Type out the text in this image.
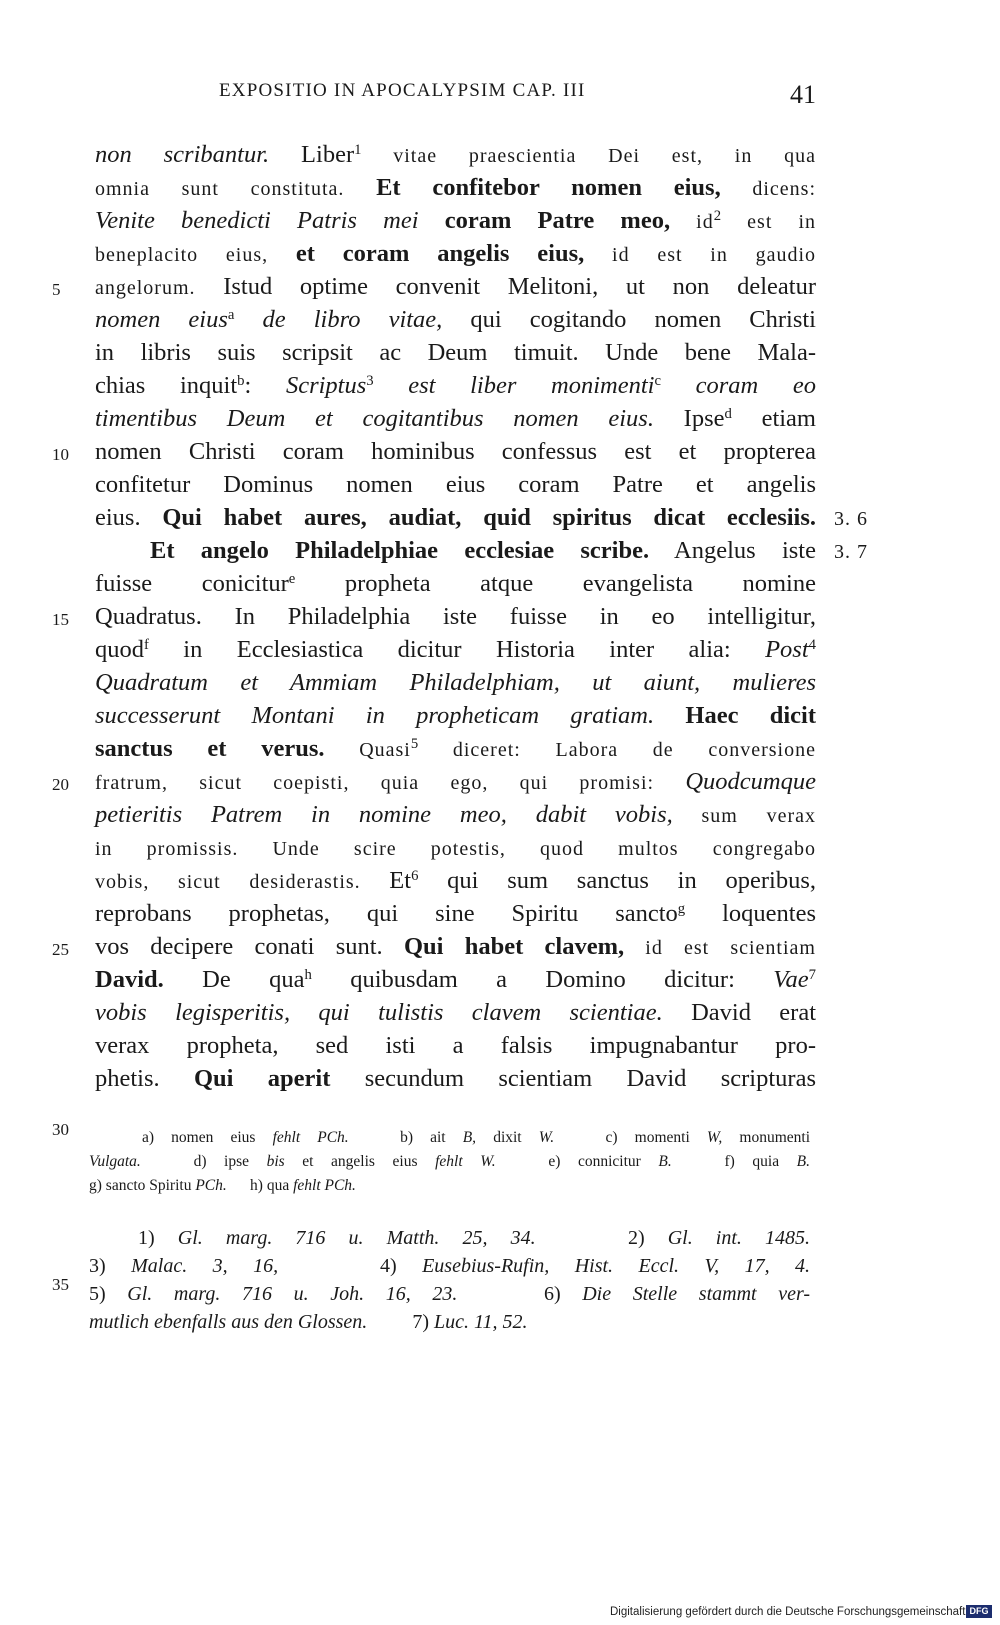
EXPOSITIO IN APOCALYPSIM CAP. III	41
non scribantur. Liber$^1$ vitae praescientia Dei est, in qua
omnia sunt constituta. Et confitebor nomen eius, dicens:
Venite benedicti Patris mei coram Patre meo, $id^2$ est in
beneplacito eius, et coram angelis eius, id est in gaudio
angelorum. Istud optime convenit Melitoni, ut non deleatur
nomen eius$^a$ de libro vitae, qui cogitando nomen Christi
in libris suis scripsit ac Deum timuit. Unde bene Mala-
chias inquit$^b$: Scriptus$^3$ est liber monimenti$^c$ coram eo
timentibus Deum et cogitantibus nomen eius. Ipse$^d$ etiam
nomen Christi coram hominibus confessus est et propterea
confitetur Dominus nomen eius coram Patre et angelis
eius. Qui habet aures, audiat, quid spiritus dicat ecclesiis.
Et angelo Philadelphiae ecclesiae scribe. Angelus iste
fuisse conicitur$^e$ propheta atque evangelista nomine
Quadratus. In Philadelphia iste fuisse in eo intelligitur,
quod$^f$ in Ecclesiastica dicitur Historia inter alia: Post$^4$
Quadratum et Ammiam Philadelphiam, ut aiunt, mulieres
successerunt Montani in propheticam gratiam. Haec dicit
sanctus et verus. Quasi$^5$ diceret: Labora de conversione
fratrum, sicut coepisti, quia ego, qui promisi: Quodcumque
petieritis Patrem in nomine meo, dabit vobis, sum verax
in promissis. Unde scire potestis, quod multos congregabo
vobis, sicut desiderastis. Et$^6$ qui sum sanctus in operibus,
reprobans prophetas, qui sine Spiritu sancto$^g$ loquentes
vos decipere conati sunt. Qui habet clavem, id est scientiam
David. De qua$^h$ quibusdam a Domino dicitur: Vae$^7$
vobis legisperitis, qui tulistis clavem scientiae. David erat
verax propheta, sed isti a falsis impugnabantur pro-
phetis. Qui aperit secundum scientiam David scripturas
5
10
15
20
25
30
35
3. 6
3. 7
a) nomen eius fehlt PCh.	b) ait B, dixit W.	c) momenti W, monumenti
Vulgata.	d) ipse bis et angelis eius fehlt W.	e) connicitur B.	f) quia B.
g) sancto Spiritu PCh. h) qua fehlt PCh.
1) Gl. marg. 716 u. Matth. 25, 34.	2) Gl. int. 1485.
3) Malac. 3, 16,	4) Eusebius-Rufin, Hist. Eccl. V, 17, 4.
5) Gl. marg. 716 u. Joh. 16, 23.	6) Die Stelle stammt ver-
mutlich ebenfalls aus den Glossen. 7) Luc. 11, 52.
Digitalisierung gefördert durch die Deutsche Forschungsgemeinschaft DFG
